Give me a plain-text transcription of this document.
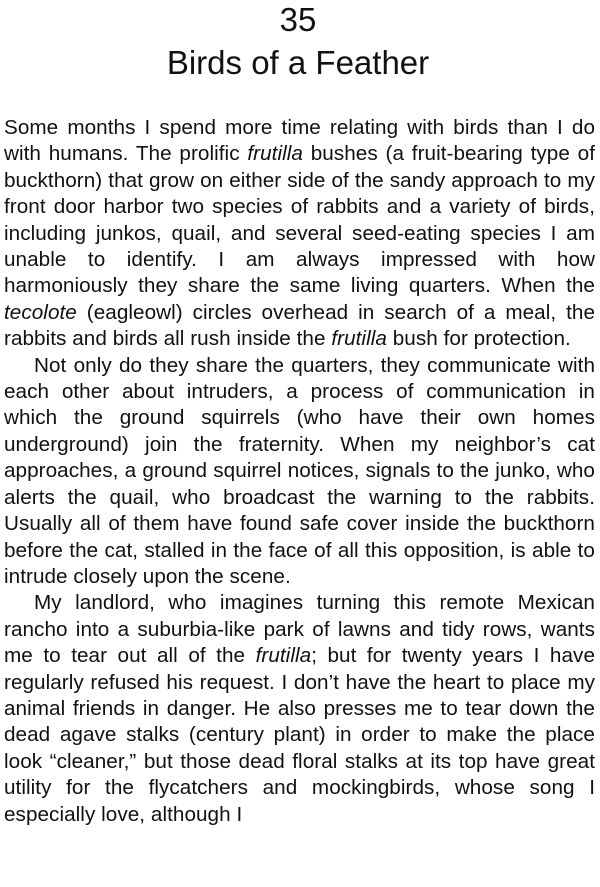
35
Birds of a Feather

Some months I spend more time relating with birds than I do with humans. The prolific frutilla bushes (a fruit-bearing type of buckthorn) that grow on either side of the sandy approach to my front door harbor two species of rabbits and a variety of birds, including junkos, quail, and several seed-eating species I am unable to identify. I am always impressed with how harmoniously they share the same living quarters. When the tecolote (eagleowl) circles overhead in search of a meal, the rabbits and birds all rush inside the frutilla bush for protection.

Not only do they share the quarters, they communicate with each other about intruders, a process of communication in which the ground squirrels (who have their own homes underground) join the fraternity. When my neighbor’s cat approaches, a ground squirrel notices, signals to the junko, who alerts the quail, who broadcast the warning to the rabbits. Usually all of them have found safe cover inside the buckthorn before the cat, stalled in the face of all this opposition, is able to intrude closely upon the scene.

My landlord, who imagines turning this remote Mexican rancho into a suburbia-like park of lawns and tidy rows, wants me to tear out all of the frutilla; but for twenty years I have regularly refused his request. I don’t have the heart to place my animal friends in danger. He also presses me to tear down the dead agave stalks (century plant) in order to make the place look “cleaner,” but those dead floral stalks at its top have great utility for the flycatchers and mockingbirds, whose song I especially love, although I
